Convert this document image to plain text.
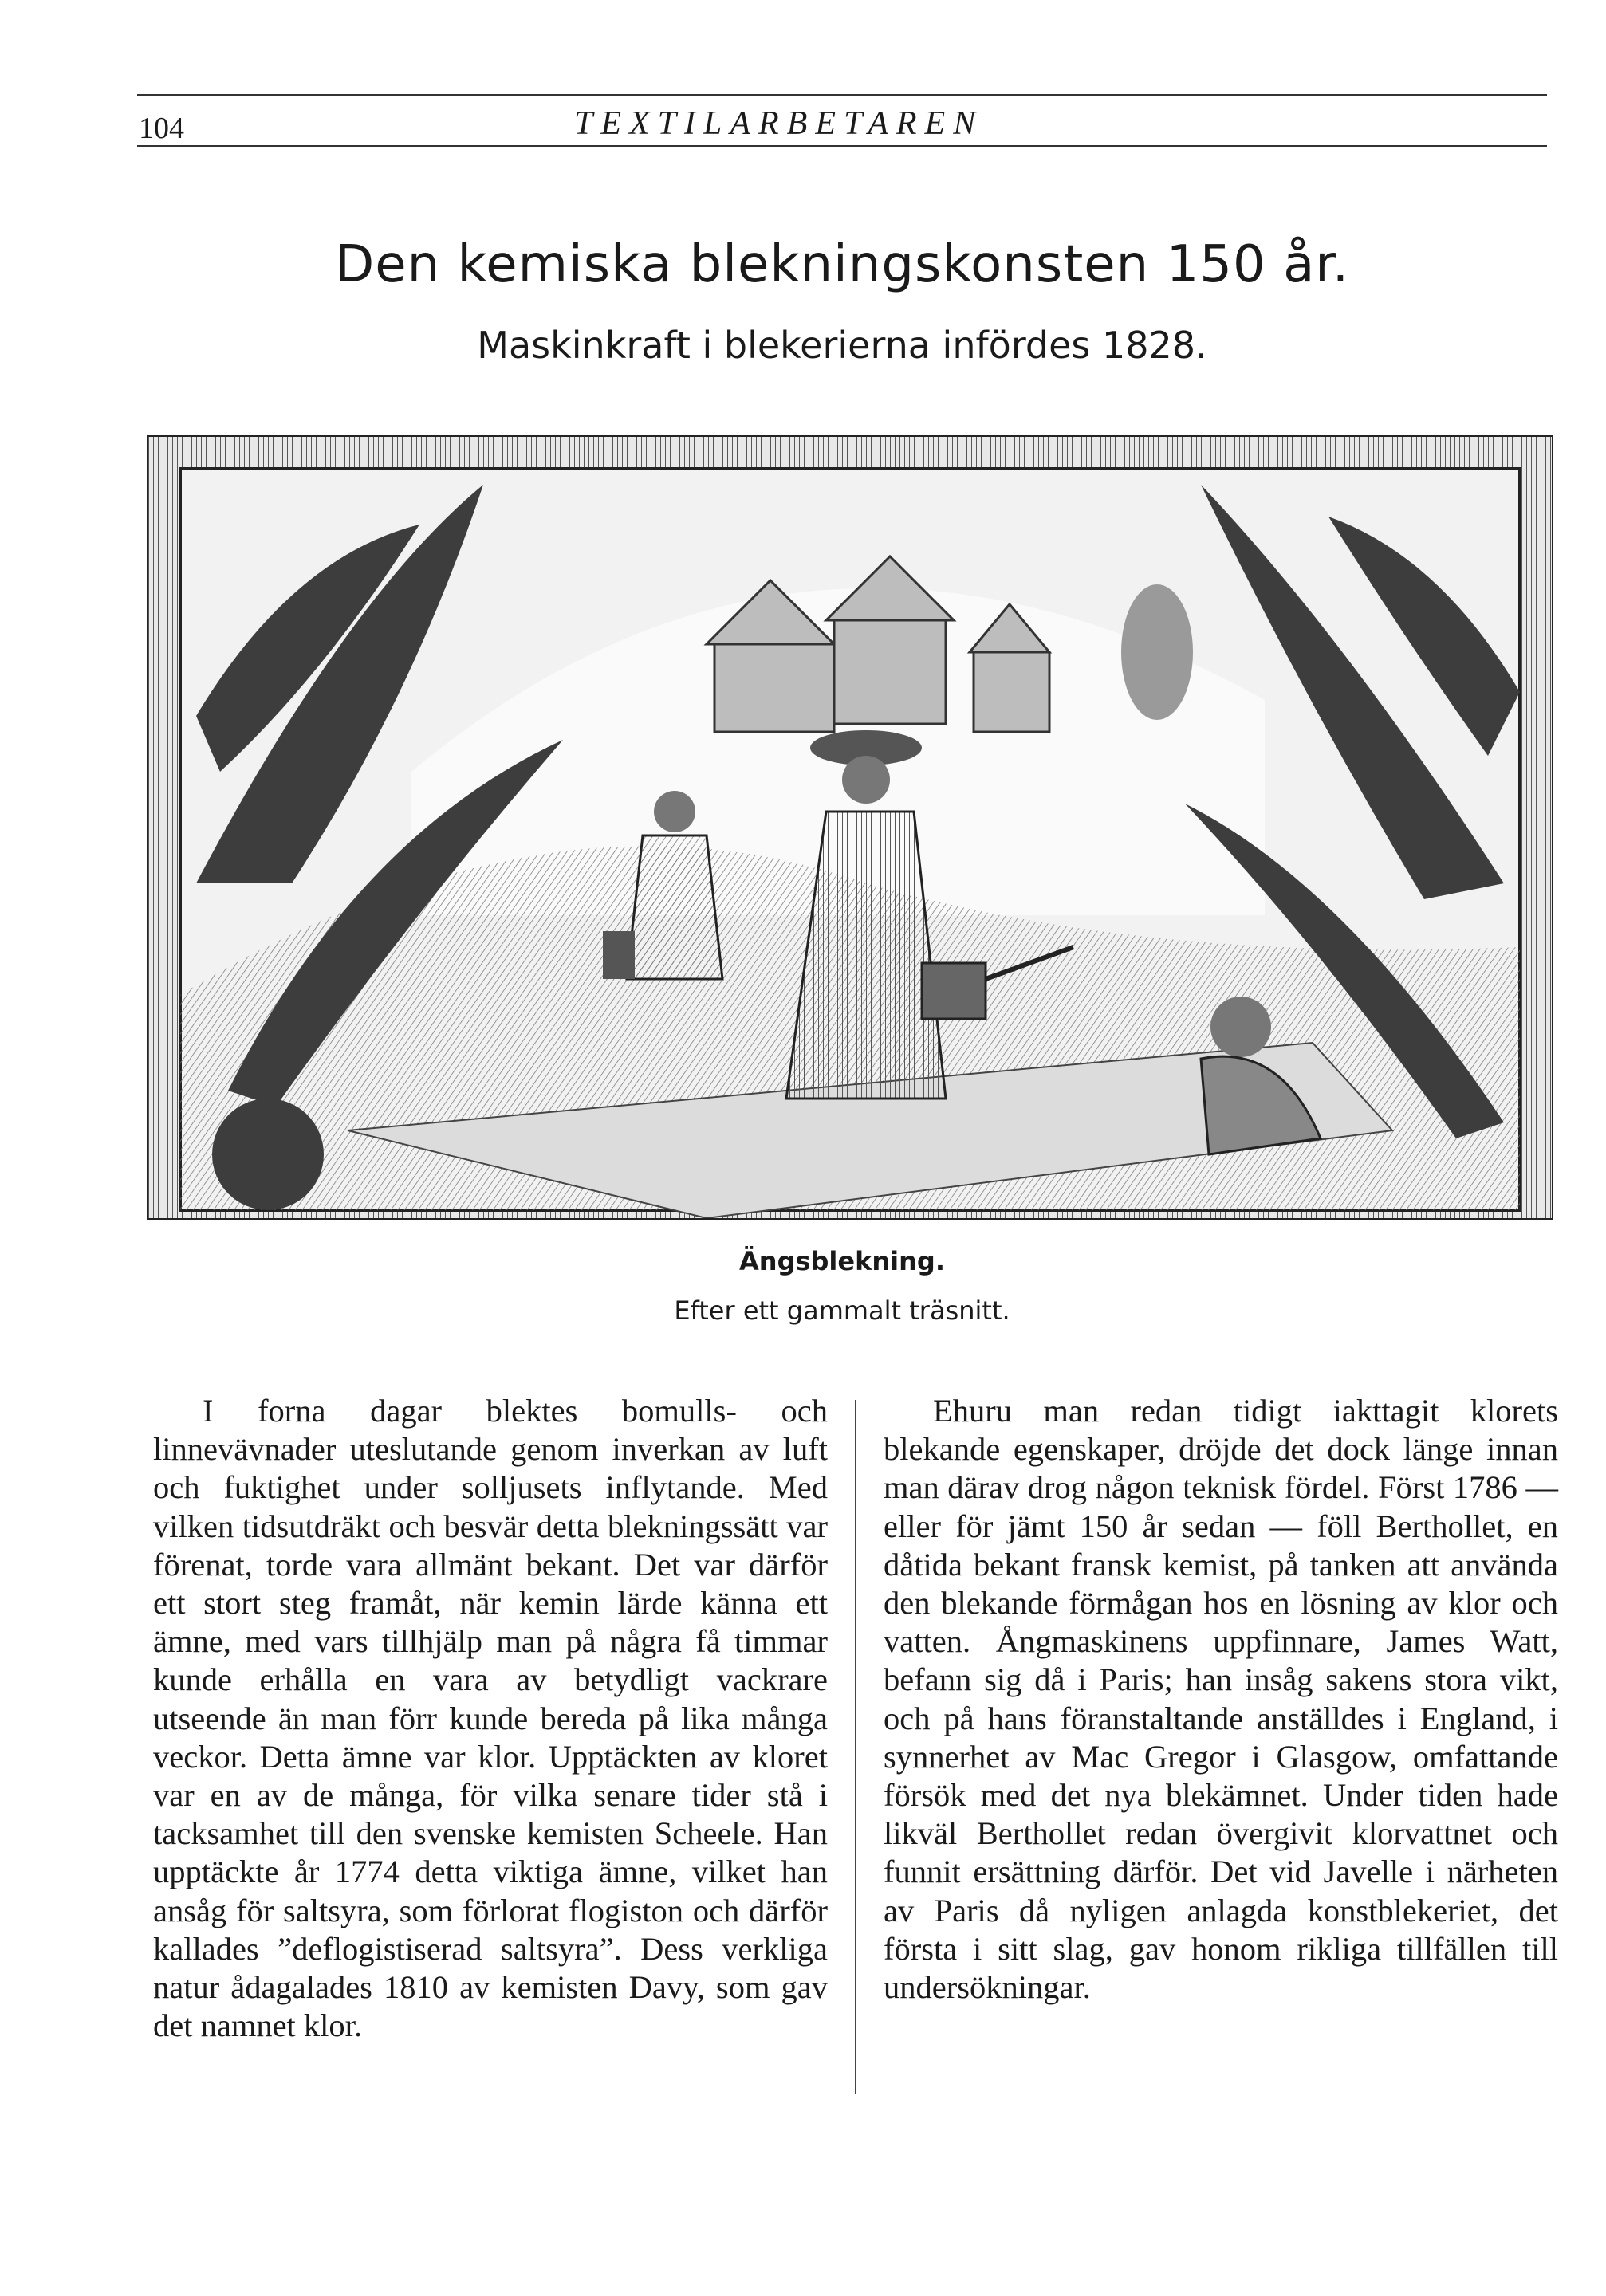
104	TEXTILARBETAREN
Den kemiska blekningskonsten 150 år.
Maskinkraft i blekerierna infördes 1828.
Ängsblekning.
Efter ett gammalt träsnitt.
I forna dagar blektes bomulls- och linnevävnader uteslutande genom inverkan av luft och fuktighet under solljusets inflytande. Med vilken tidsutdräkt och besvär detta blekningssätt var förenat, torde vara allmänt bekant. Det var därför ett stort steg framåt, när kemin lärde känna ett ämne, med vars tillhjälp man på några få timmar kunde erhålla en vara av betydligt vackrare utseende än man förr kunde bereda på lika många veckor. Detta ämne var klor. Upptäckten av kloret var en av de många, för vilka senare tider stå i tacksamhet till den svenske kemisten Scheele. Han upptäckte år 1774 detta viktiga ämne, vilket han ansåg för saltsyra, som förlorat flogiston och därför kallades ”deflogistiserad saltsyra”. Dess verkliga natur ådagalades 1810 av kemisten Davy, som gav det namnet klor.
Ehuru man redan tidigt iakttagit klorets blekande egenskaper, dröjde det dock länge innan man därav drog någon teknisk fördel. Först 1786 — eller för jämt 150 år sedan — föll Berthollet, en dåtida bekant fransk kemist, på tanken att använda den blekande förmågan hos en lösning av klor och vatten. Ångmaskinens uppfinnare, James Watt, befann sig då i Paris; han insåg sakens stora vikt, och på hans föranstaltande anställdes i England, i synnerhet av Mac Gregor i Glasgow, omfattande försök med det nya blekämnet. Under tiden hade likväl Berthollet redan övergivit klorvattnet och funnit ersättning därför. Det vid Javelle i närheten av Paris då nyligen anlagda konstblekeriet, det första i sitt slag, gav honom rikliga tillfällen till undersökningar.
